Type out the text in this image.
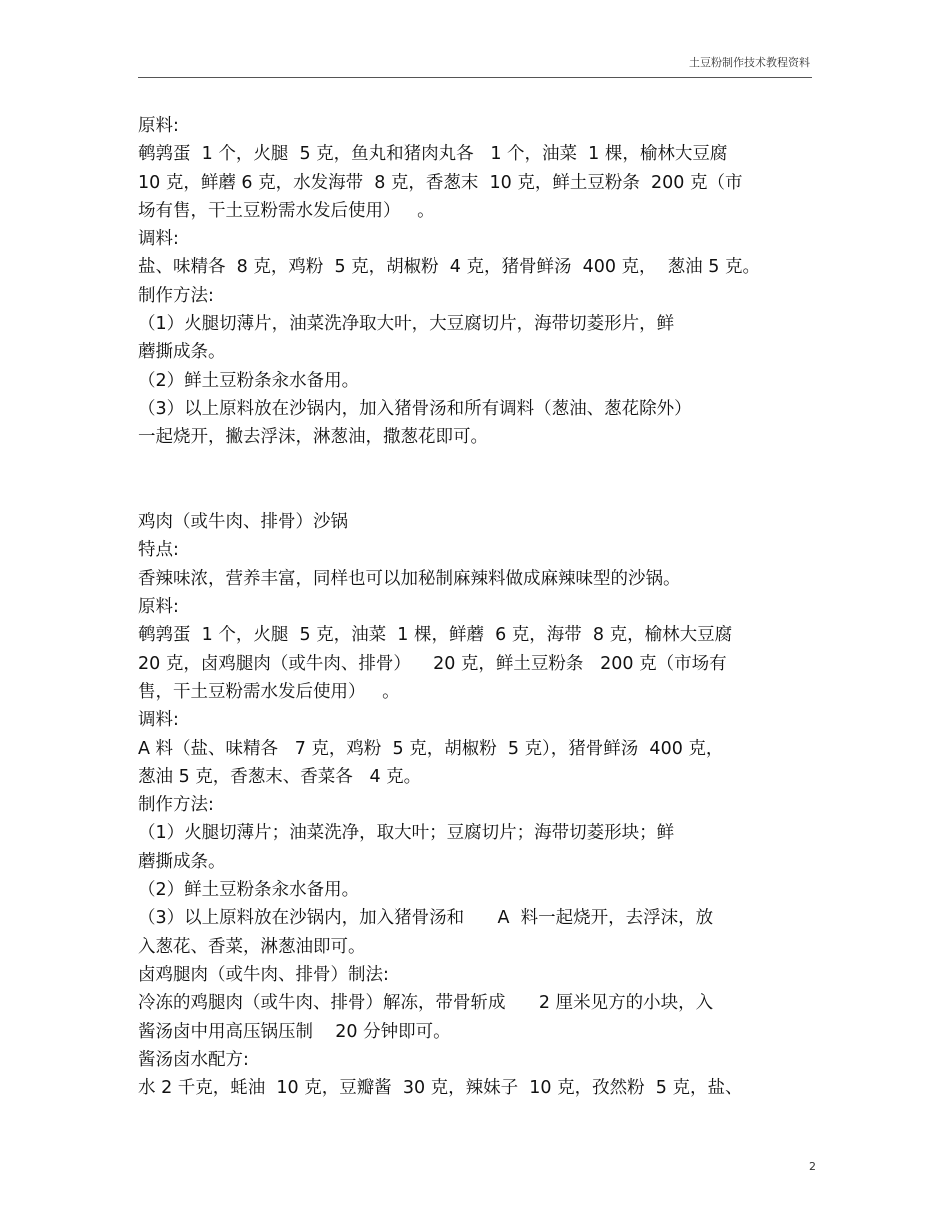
土豆粉制作技术教程资料
原料:
鹌鹑蛋  1 个，火腿  5 克，鱼丸和猪肉丸各   1 个，油菜  1 棵，榆林大豆腐
10 克，鲜蘑 6 克，水发海带  8 克，香葱末  10 克，鲜土豆粉条  200 克（市
场有售，干土豆粉需水发后使用）   。
调料:
盐、味精各  8 克，鸡粉  5 克，胡椒粉  4 克，猪骨鲜汤  400 克，  葱油 5 克。
制作方法:
（1）火腿切薄片，油菜洗净取大叶，大豆腐切片，海带切菱形片，鲜
蘑撕成条。
（2）鲜土豆粉条汆水备用。
（3）以上原料放在沙锅内，加入猪骨汤和所有调料（葱油、葱花除外）
一起烧开，撇去浮沫，淋葱油，撒葱花即可。
鸡肉（或牛肉、排骨）沙锅
特点:
香辣味浓，营养丰富，同样也可以加秘制麻辣料做成麻辣味型的沙锅。
原料:
鹌鹑蛋  1 个，火腿  5 克，油菜  1 棵，鲜蘑  6 克，海带  8 克，榆林大豆腐
20 克，卤鸡腿肉（或牛肉、排骨）    20 克，鲜土豆粉条   200 克（市场有
售，干土豆粉需水发后使用）   。
调料:
A 料（盐、味精各   7 克，鸡粉  5 克，胡椒粉  5 克），猪骨鲜汤  400 克，
葱油 5 克，香葱末、香菜各   4 克。
制作方法:
（1）火腿切薄片；油菜洗净，取大叶；豆腐切片；海带切菱形块；鲜
蘑撕成条。
（2）鲜土豆粉条汆水备用。
（3）以上原料放在沙锅内，加入猪骨汤和      A  料一起烧开，去浮沫，放
入葱花、香菜，淋葱油即可。
卤鸡腿肉（或牛肉、排骨）制法:
冷冻的鸡腿肉（或牛肉、排骨）解冻，带骨斩成      2 厘米见方的小块，入
酱汤卤中用高压锅压制    20 分钟即可。
酱汤卤水配方:
水 2 千克，蚝油  10 克，豆瓣酱  30 克，辣妹子  10 克，孜然粉  5 克，盐、
2
